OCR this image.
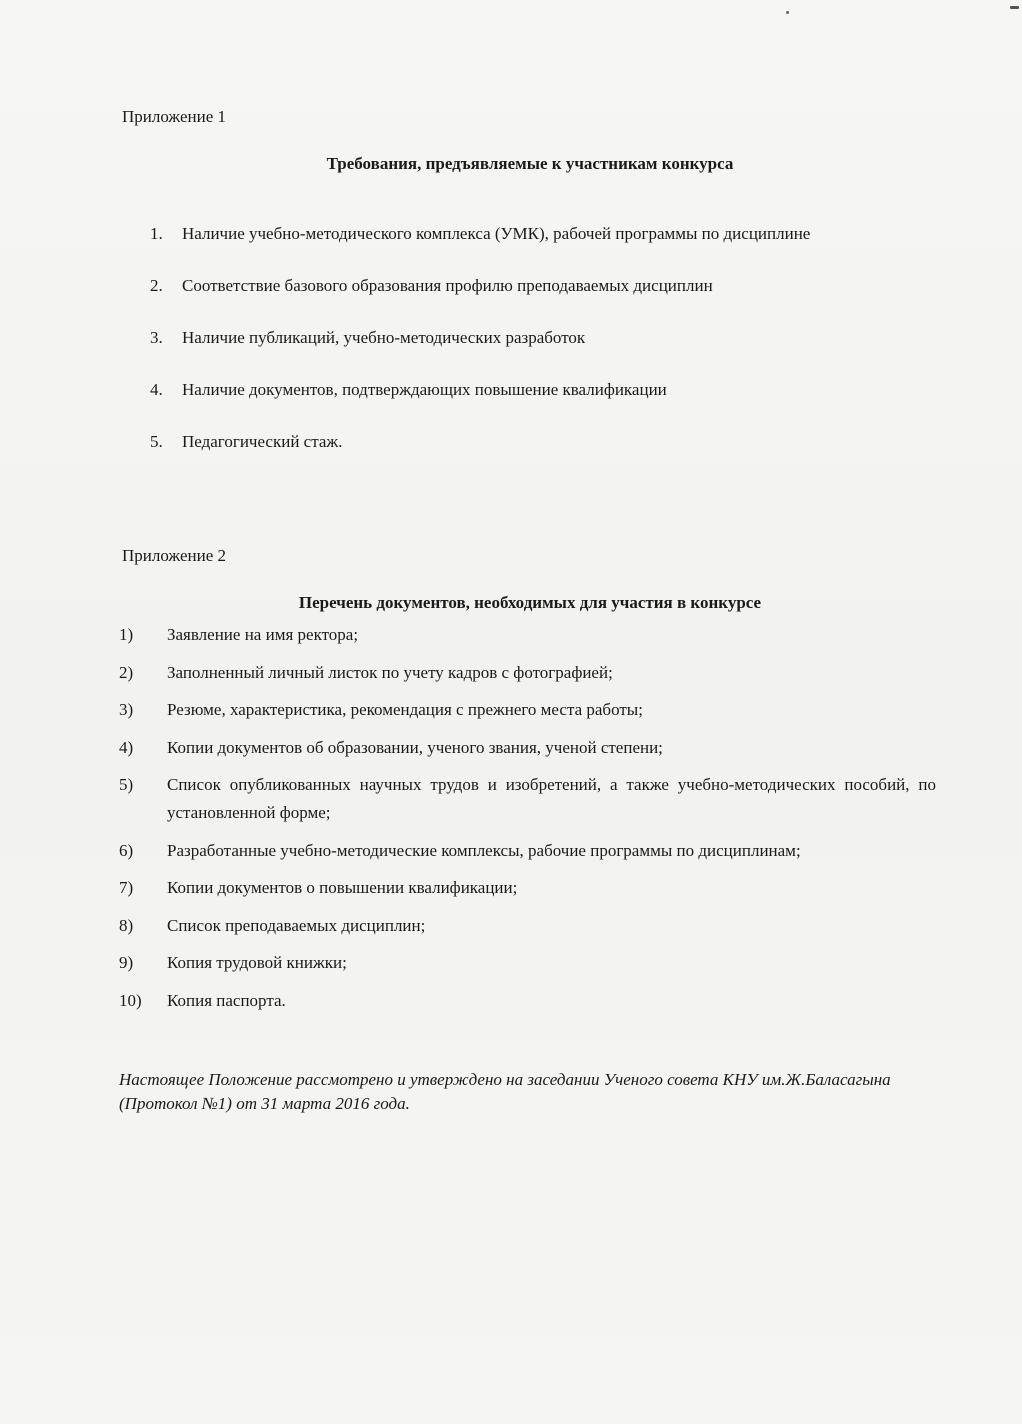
Приложение 1
Требования, предъявляемые к участникам конкурса
1.	Наличие учебно-методического комплекса (УМК), рабочей программы по дисциплине
2.	Соответствие базового образования профилю преподаваемых дисциплин
3.	Наличие публикаций, учебно-методических разработок
4.	Наличие документов, подтверждающих повышение квалификации
5.	Педагогический стаж.
Приложение 2
Перечень документов, необходимых для участия в конкурсе
1)	Заявление на имя ректора;
2)	Заполненный личный листок по учету кадров с фотографией;
3)	Резюме, характеристика, рекомендация с прежнего места работы;
4)	Копии документов об образовании, ученого звания, ученой степени;
5)	Список опубликованных научных трудов и изобретений, а также учебно-методических пособий, по установленной форме;
6)	Разработанные учебно-методические комплексы, рабочие программы по дисциплинам;
7)	Копии документов о повышении квалификации;
8)	Список преподаваемых дисциплин;
9)	Копия трудовой книжки;
10)	Копия паспорта.
Настоящее Положение рассмотрено и утверждено на заседании Ученого совета КНУ им.Ж.Баласагына (Протокол №1) от 31 марта 2016 года.
